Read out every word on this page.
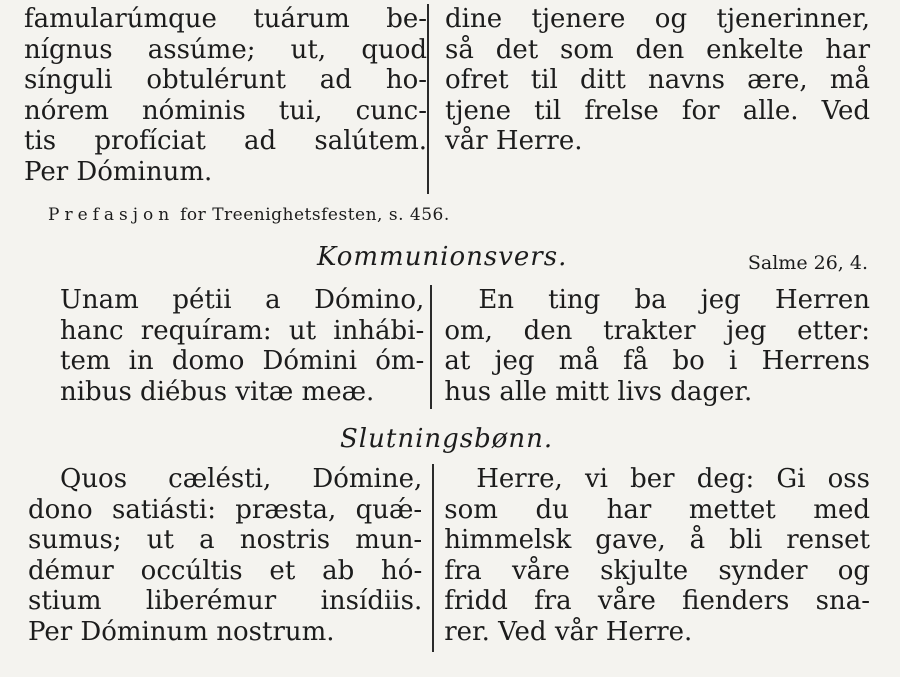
famularúmque tuárum be-
nígnus assúme; ut, quod
sínguli obtulérunt ad ho-
nórem nóminis tui, cunc-
tis profíciat ad salútem.
Per Dóminum.
dine tjenere og tjenerinner,
så det som den enkelte har
ofret til ditt navns ære, må
tjene til frelse for alle. Ved
vår Herre.
Prefasjon for Treenighetsfesten, s. 456.
Kommunionsvers.	Salme 26, 4.
Unam pétii a Dómino,
hanc requíram: ut inhábi-
tem in domo Dómini óm-
nibus diébus vitæ meæ.
En ting ba jeg Herren
om, den trakter jeg etter:
at jeg må få bo i Herrens
hus alle mitt livs dager.
Slutningsbønn.
Quos cælésti, Dómine,
dono satiásti: præsta, quǽ-
sumus; ut a nostris mun-
démur occúltis et ab hó-
stium liberémur insídiis.
Per Dóminum nostrum.
Herre, vi ber deg: Gi oss
som du har mettet med
himmelsk gave, å bli renset
fra våre skjulte synder og
fridd fra våre fienders sna-
rer. Ved vår Herre.
